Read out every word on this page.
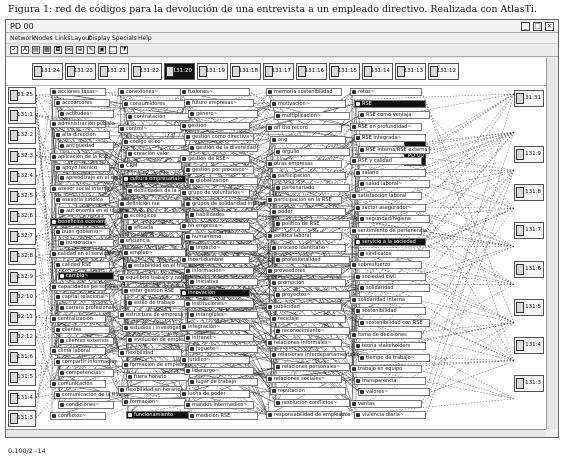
Figura 1: red de códigos para la devolución de una entrevista a un empleado directivo. Realizada con AtlasTi.
PD 00	_ □ ×
Network
Nodes Links Layout
Display Specials Help
✓	A	▤ ▦ ◘ ⋈ ⊕ ✎ ▣ ⬚ ⧩
131:24	131:23	131:21	131:22	131:20	131:19	131:18	131:17	131:16	131:15	131:14	131:13	131:12
131:25
131:1
132:2
132:3
132:4
132:5
132:6
132:7
132:8
132:9
132:10
132:11
132:12
131:6
131:5
131:4
131:3
131:31
131:9
131:8
131:7
131:6
131:5
131:4
131:3
PD 00
acciones tasas~
accoarcores
actitudes~
administración pública
alta dirección
antigüedad
aplicación de la RSE~
apoyo técnico
aprendizaje en el empleo
asesor social interno~
asesoría jurídica
aut onomía en el trabajo
beneficios económicos
buen gobierno~
burocracia~
calidad en el servicio
calidad RSE
cambio~
capacidades personales~
capital relacional~
carrera profesional~
centralización
clientes
clientes externos
clima laboral
compartir información
competencias~
comunicación
comunicación de la RSE~
condiciones~
conflictos~
conexiones~
consumidores
contratación
control~
código ético~
creación valor
CRM
cultura empresarial~
debilidades de la RSE
definición rse
ecológicos
eficacia
eficiencia
empleo~
estabilidad en el trabajo~
equilibrio trabajo y no trabajo
estar gestión RSE
estilo de trabajo
estructura de empresa~
estudios / investigación
evolución de empleados
flexibilidad
formación de empleados
fuera horario
flexibilidad en horarios
formación~
funcionamiento
fusiones~
futuro empresas~
género~
gestión
gestión como directiva~
gestión de la diversidad~
gestión de RSE~
gestión por procesos~
globalización
grupo de voluntarios~
grupos de solidaridad interna
habilidades
hh empresa~
humanismo
impacto~
incertidumbre
información~
iniciativa
innovación
instituciones~
intangibles~
integración~
intranet~
juguete~
jurídico~
liderazgo~
lugar de trabajo
lucha de poder
mandos intermedios~
medición RSE
memoria sostenibilidad
motivación~
multiplicación~
off the record
ong
orgullo
otras empresas
participación
partenariado
participación en la RSE
poder
política de RSE
política laboral
proceso identitario~
profesionalidad
proveedores
promoción
proyectos~
publicidad
reciclaje
reconocimiento~
relaciones informales~
relaciones interdepartamentales
relaciones personales~
relaciones sociales~
reputación
resolución conflictos~
responsabilidad de empleados
retos~
RSE
RSE como ventaja
RSE en profundidad~
RSE integrada~
RSE interna/RSE externa~
RSE y calidad
salario
salud laboral~
satisfacción laboral
sector asegurador~
seguridad/higiene
sentimiento de pertenencia~
servicio a la sociedad
sindicatos
sobresfuerzo
sociedad civil
solidaridad
solidaridad interna
sostenibilidad
sostenibilidad con RSE
toma de decisiones
teoría stakeholders
tiempo de trabajo~
trabajo en equipo
transparencia
valores~
ventas
viviencia diaria~
0,100/2 -14
